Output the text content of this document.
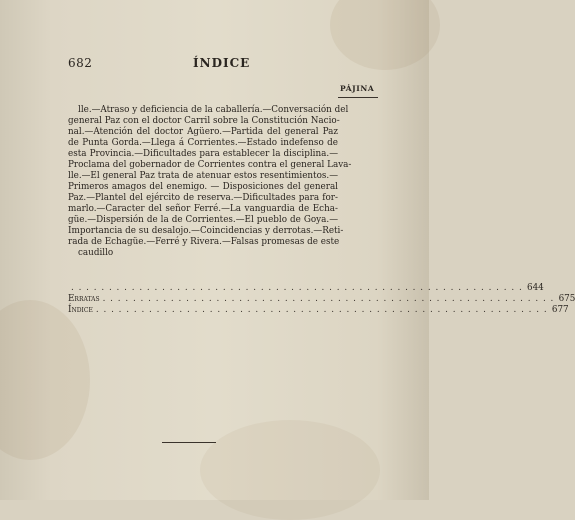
682	ÍNDICE
PÁJINA
lle.—Atraso y deficiencia de la caballería.—Conversación del
general Paz con el doctor Carril sobre la Constitución Nacio-
nal.—Atención del doctor Agüero.—Partida del general Paz
de Punta Gorda.—Llega á Corrientes.—Estado indefenso de
esta Provincia.—Dificultades para establecer la disciplina.—
Proclama del gobernador de Corrientes contra el general Lava-
lle.—El general Paz trata de atenuar estos resentimientos.—
Primeros amagos del enemigo. — Disposiciones del general
Paz.—Plantel del ejército de reserva.—Dificultades para for-
marlo.—Caracter del señor Ferré.—La vanguardia de Echa-
güe.—Dispersión de la de Corrientes.—El pueblo de Goya.—
Importancia de su desalojo.—Coincidencias y derrotas.—Reti-
rada de Echagüe.—Ferré y Rivera.—Falsas promesas de este
caudillo
. . . . . . . . . . . . . . . . . . . . . . . . . . . . . . . . . . . . . . . . . . . . . . . . . . . . . . . . . . . . 644
Erratas . . . . . . . . . . . . . . . . . . . . . . . . . . . . . . . . . . . . . . . . . . . . . . . . . . . . . . . . . . . . 675
Índice . . . . . . . . . . . . . . . . . . . . . . . . . . . . . . . . . . . . . . . . . . . . . . . . . . . . . . . . . . . . 677
